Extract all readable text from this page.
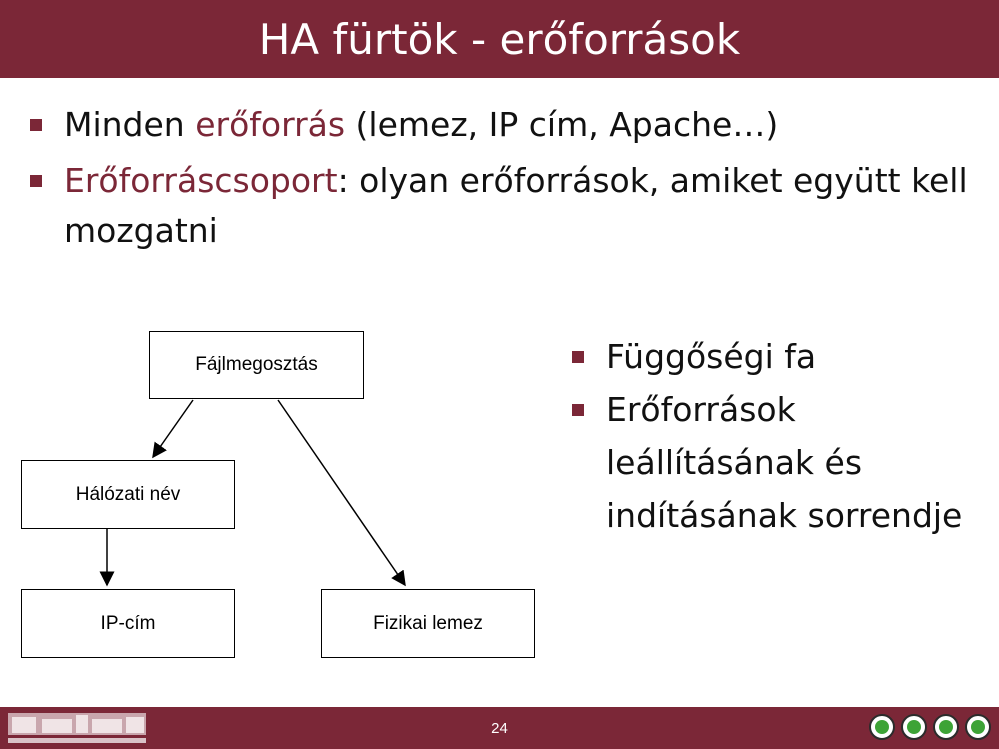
HA fürtök - erőforrások
Minden erőforrás (lemez, IP cím, Apache…)
Erőforráscsoport: olyan erőforrások, amiket együtt kell mozgatni
Fájlmegosztás
Hálózati név
IP-cím	Fizikai lemez
Függőségi fa
Erőforrások leállításának és indításának sorrendje
24
